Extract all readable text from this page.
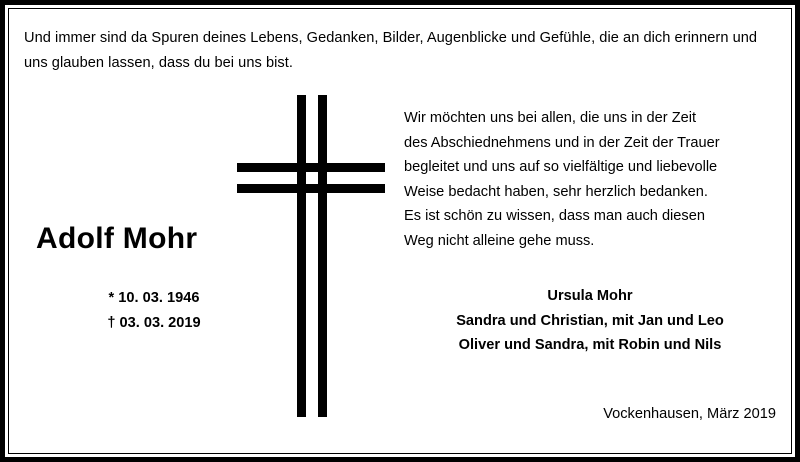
Und immer sind da Spuren deines Lebens, Gedanken, Bilder, Augenblicke und Gefühle, die an dich erinnern und uns glauben lassen, dass du bei uns bist.
Adolf Mohr
* 10. 03. 1946
† 03. 03. 2019
Wir möchten uns bei allen, die uns in der Zeit
des Abschiednehmens und in der Zeit der Trauer
begleitet und uns auf so vielfältige und liebevolle
Weise bedacht haben, sehr herzlich bedanken.
Es ist schön zu wissen, dass man auch diesen
Weg nicht alleine gehe muss.
Ursula Mohr
Sandra und Christian, mit Jan und Leo
Oliver und Sandra, mit Robin und Nils
Vockenhausen, März 2019
